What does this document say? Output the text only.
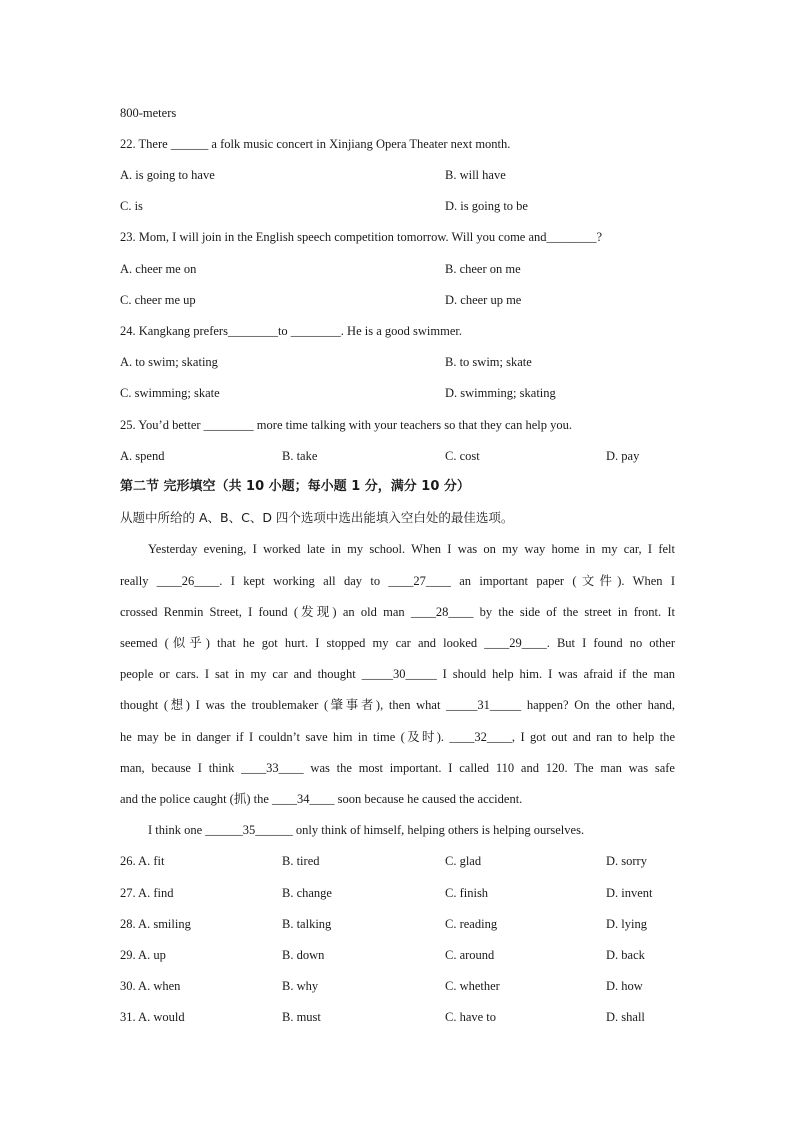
800-meters
22. There ______ a folk music concert in Xinjiang Opera Theater next month.
A. is going to have	B. will have
C. is	D. is going to be
23. Mom, I will join in the English speech competition tomorrow. Will you come and________?
A. cheer me on	B. cheer on me
C. cheer me up	D. cheer up me
24. Kangkang prefers________to ________. He is a good swimmer.
A. to swim; skating	B. to swim; skate
C. swimming; skate	D. swimming; skating
25. You’d better ________ more time talking with your teachers so that they can help you.
A. spend	B. take	C. cost	D. pay
第二节 完形填空（共 10 小题；每小题 1 分，满分 10 分）
从题中所给的 A、B、C、D 四个选项中选出能填入空白处的最佳选项。
Yesterday evening, I worked late in my school. When I was on my way home in my car, I felt
really ____26____. I kept working all day to ____27____ an important paper (文件). When I
crossed Renmin Street, I found (发现) an old man ____28____ by the side of the street in front. It
seemed (似乎) that he got hurt. I stopped my car and looked ____29____. But I found no other
people or cars. I sat in my car and thought _____30_____ I should help him. I was afraid if the man
thought (想) I was the troublemaker (肇事者), then what _____31_____ happen? On the other hand,
he may be in danger if I couldn’t save him in time (及时). ____32____, I got out and ran to help the
man, because I think ____33____ was the most important. I called 110 and 120. The man was safe
and the police caught (抓) the ____34____ soon because he caused the accident.
I think one ______35______ only think of himself, helping others is helping ourselves.
26. A. fit	B. tired	C. glad	D. sorry
27. A. find	B. change	C. finish	D. invent
28. A. smiling	B. talking	C. reading	D. lying
29. A. up	B. down	C. around	D. back
30. A. when	B. why	C. whether	D. how
31. A. would	B. must	C. have to	D. shall
